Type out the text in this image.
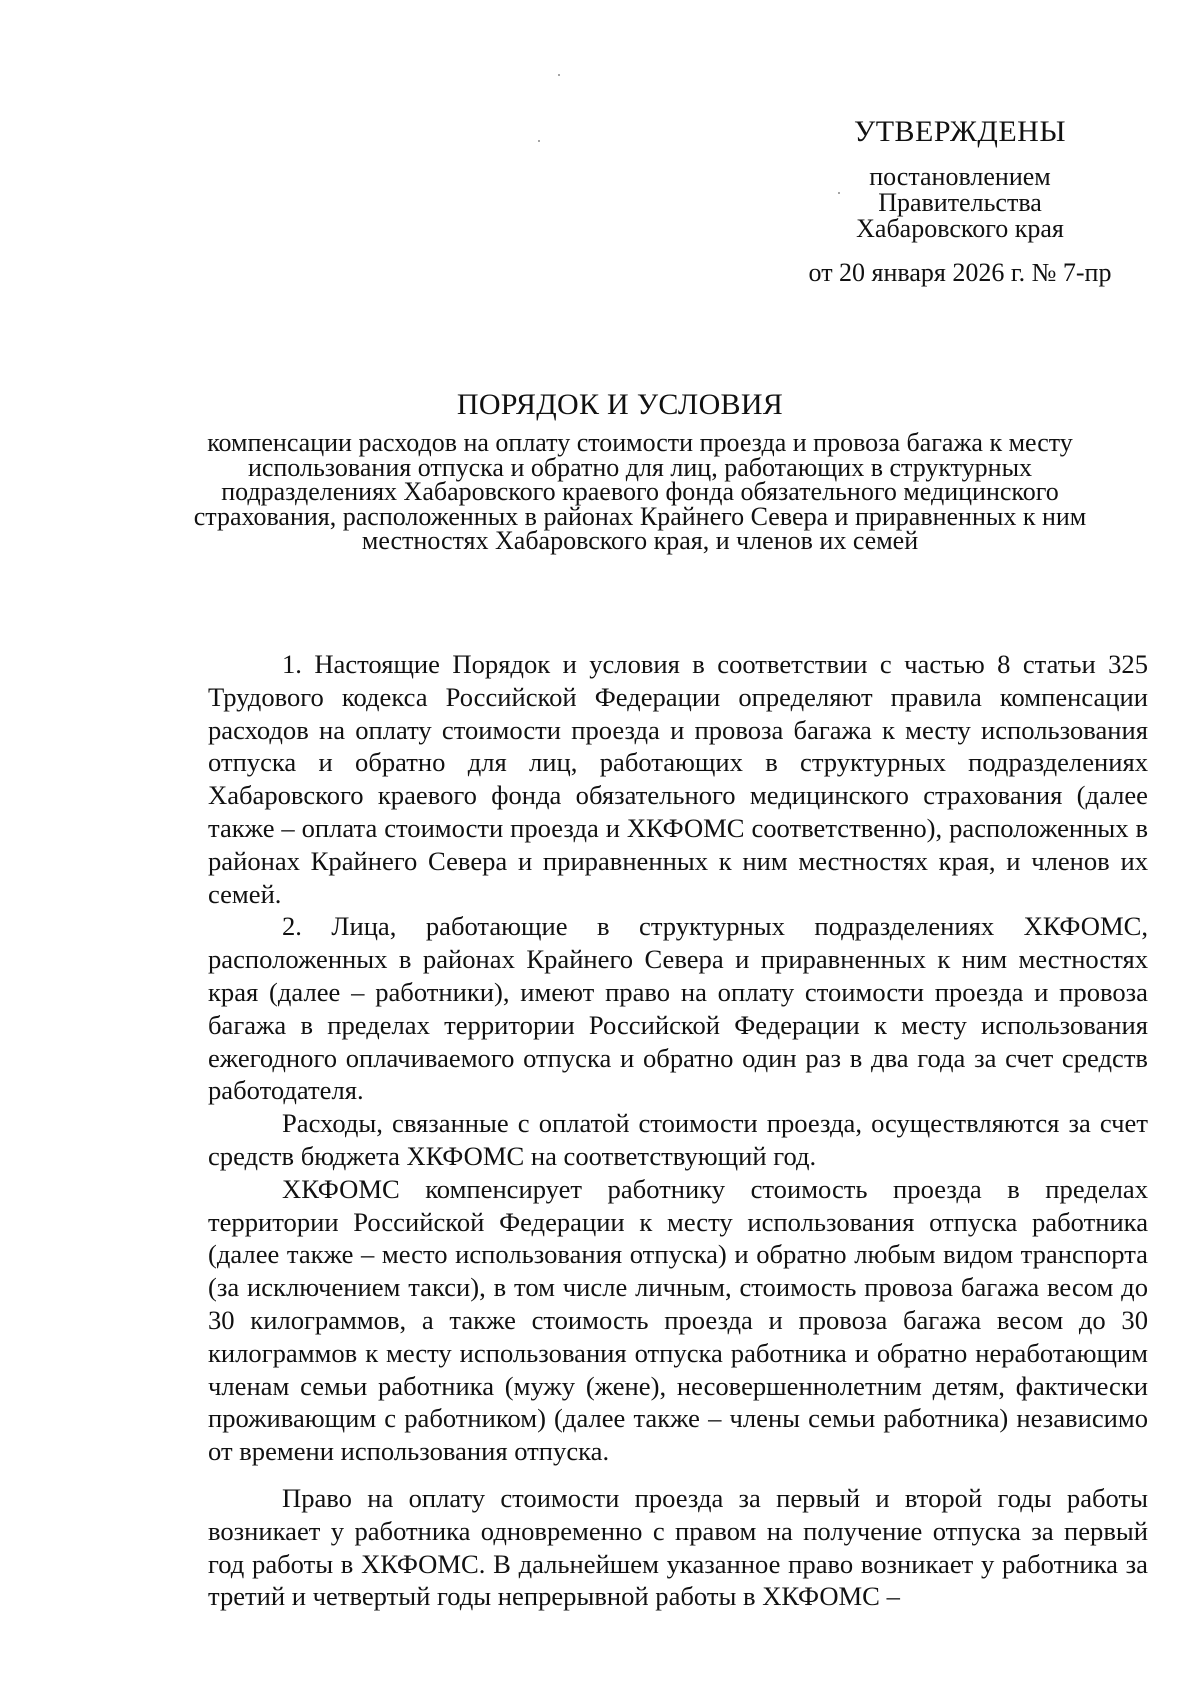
УТВЕРЖДЕНЫ
постановлением
Правительства
Хабаровского края
от 20 января 2026 г. № 7-пр
ПОРЯДОК И УСЛОВИЯ
компенсации расходов на оплату стоимости проезда и провоза багажа к месту использования отпуска и обратно для лиц, работающих в структурных подразделениях Хабаровского краевого фонда обязательного медицинского страхования, расположенных в районах Крайнего Севера и приравненных к ним местностях Хабаровского края, и членов их семей

1. Настоящие Порядок и условия в соответствии с частью 8 статьи 325 Трудового кодекса Российской Федерации определяют правила компенсации расходов на оплату стоимости проезда и провоза багажа к месту использования отпуска и обратно для лиц, работающих в структурных подразделениях Хабаровского краевого фонда обязательного медицинского страхования (далее также – оплата стоимости проезда и ХКФОМС соответственно), расположенных в районах Крайнего Севера и приравненных к ним местностях края, и членов их семей.

2. Лица, работающие в структурных подразделениях ХКФОМС, расположенных в районах Крайнего Севера и приравненных к ним местностях края (далее – работники), имеют право на оплату стоимости проезда и провоза багажа в пределах территории Российской Федерации к месту использования ежегодного оплачиваемого отпуска и обратно один раз в два года за счет средств работодателя.

Расходы, связанные с оплатой стоимости проезда, осуществляются за счет средств бюджета ХКФОМС на соответствующий год.

ХКФОМС компенсирует работнику стоимость проезда в пределах территории Российской Федерации к месту использования отпуска работника (далее также – место использования отпуска) и обратно любым видом транспорта (за исключением такси), в том числе личным, стоимость провоза багажа весом до 30 килограммов, а также стоимость проезда и провоза багажа весом до 30 килограммов к месту использования отпуска работника и обратно неработающим членам семьи работника (мужу (жене), несовершеннолетним детям, фактически проживающим с работником) (далее также – члены семьи работника) независимо от времени использования отпуска.

Право на оплату стоимости проезда за первый и второй годы работы возникает у работника одновременно с правом на получение отпуска за первый год работы в ХКФОМС. В дальнейшем указанное право возникает у работника за третий и четвертый годы непрерывной работы в ХКФОМС –
